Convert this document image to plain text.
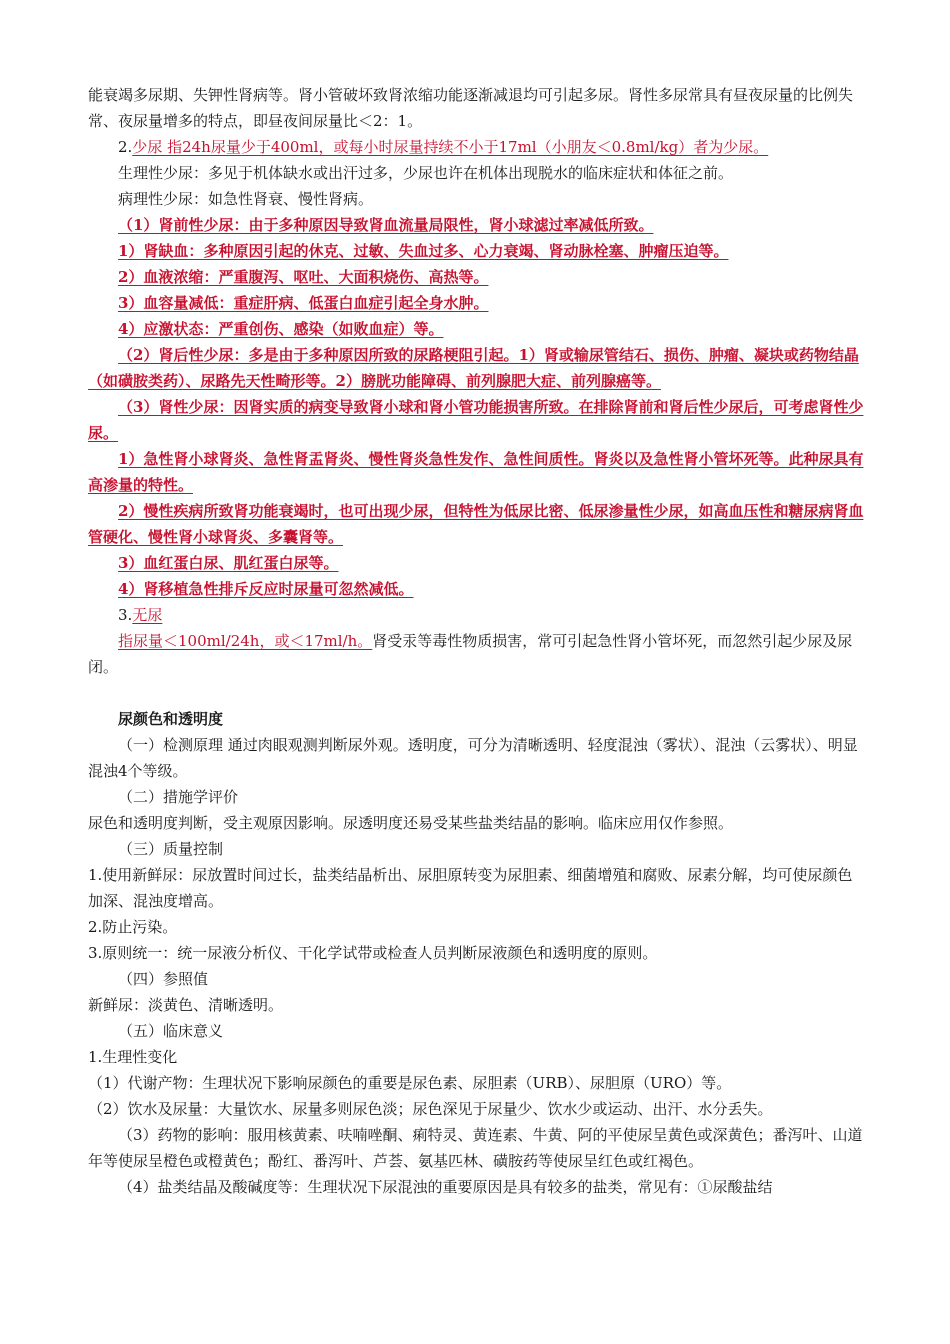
能衰竭多尿期、失钾性肾病等。肾小管破坏致肾浓缩功能逐渐减退均可引起多尿。肾性多尿常具有昼夜尿量的比例失常、夜尿量增多的特点，即昼夜间尿量比＜2：1。

2.少尿 指24h尿量少于400ml，或每小时尿量持续不小于17ml（小朋友＜0.8ml/kg）者为少尿。

生理性少尿：多见于机体缺水或出汗过多，少尿也许在机体出现脱水的临床症状和体征之前。

病理性少尿：如急性肾衰、慢性肾病。

（1）肾前性少尿：由于多种原因导致肾血流量局限性，肾小球滤过率减低所致。

1）肾缺血：多种原因引起的休克、过敏、失血过多、心力衰竭、肾动脉栓塞、肿瘤压迫等。

2）血液浓缩：严重腹泻、呕吐、大面积烧伤、高热等。

3）血容量减低：重症肝病、低蛋白血症引起全身水肿。

4）应激状态：严重创伤、感染（如败血症）等。

（2）肾后性少尿：多是由于多种原因所致的尿路梗阻引起。1）肾或输尿管结石、损伤、肿瘤、凝块或药物结晶（如磺胺类药）、尿路先天性畸形等。2）膀胱功能障碍、前列腺肥大症、前列腺癌等。

（3）肾性少尿：因肾实质的病变导致肾小球和肾小管功能损害所致。在排除肾前和肾后性少尿后，可考虑肾性少尿。

1）急性肾小球肾炎、急性肾盂肾炎、慢性肾炎急性发作、急性间质性。肾炎以及急性肾小管坏死等。此种尿具有高渗量的特性。

2）慢性疾病所致肾功能衰竭时，也可出现少尿，但特性为低尿比密、低尿渗量性少尿，如高血压性和糖尿病肾血管硬化、慢性肾小球肾炎、多囊肾等。

3）血红蛋白尿、肌红蛋白尿等。

4）肾移植急性排斥反应时尿量可忽然减低。

3.无尿

指尿量＜100ml/24h，或＜17ml/h。肾受汞等毒性物质损害，常可引起急性肾小管坏死，而忽然引起少尿及尿闭。

尿颜色和透明度

（一）检测原理 通过肉眼观测判断尿外观。透明度，可分为清晰透明、轻度混浊（雾状）、混浊（云雾状）、明显混浊4个等级。

（二）措施学评价

尿色和透明度判断，受主观原因影响。尿透明度还易受某些盐类结晶的影响。临床应用仅作参照。

（三）质量控制

1.使用新鲜尿：尿放置时间过长，盐类结晶析出、尿胆原转变为尿胆素、细菌增殖和腐败、尿素分解，均可使尿颜色加深、混浊度增高。

2.防止污染。

3.原则统一：统一尿液分析仪、干化学试带或检查人员判断尿液颜色和透明度的原则。

（四）参照值

新鲜尿：淡黄色、清晰透明。

（五）临床意义

1.生理性变化

（1）代谢产物：生理状况下影响尿颜色的重要是尿色素、尿胆素（URB）、尿胆原（URO）等。

（2）饮水及尿量：大量饮水、尿量多则尿色淡；尿色深见于尿量少、饮水少或运动、出汗、水分丢失。

（3）药物的影响：服用核黄素、呋喃唑酮、痢特灵、黄连素、牛黄、阿的平使尿呈黄色或深黄色；番泻叶、山道年等使尿呈橙色或橙黄色；酚红、番泻叶、芦荟、氨基匹林、磺胺药等使尿呈红色或红褐色。

（4）盐类结晶及酸碱度等：生理状况下尿混浊的重要原因是具有较多的盐类，常见有：①尿酸盐结
